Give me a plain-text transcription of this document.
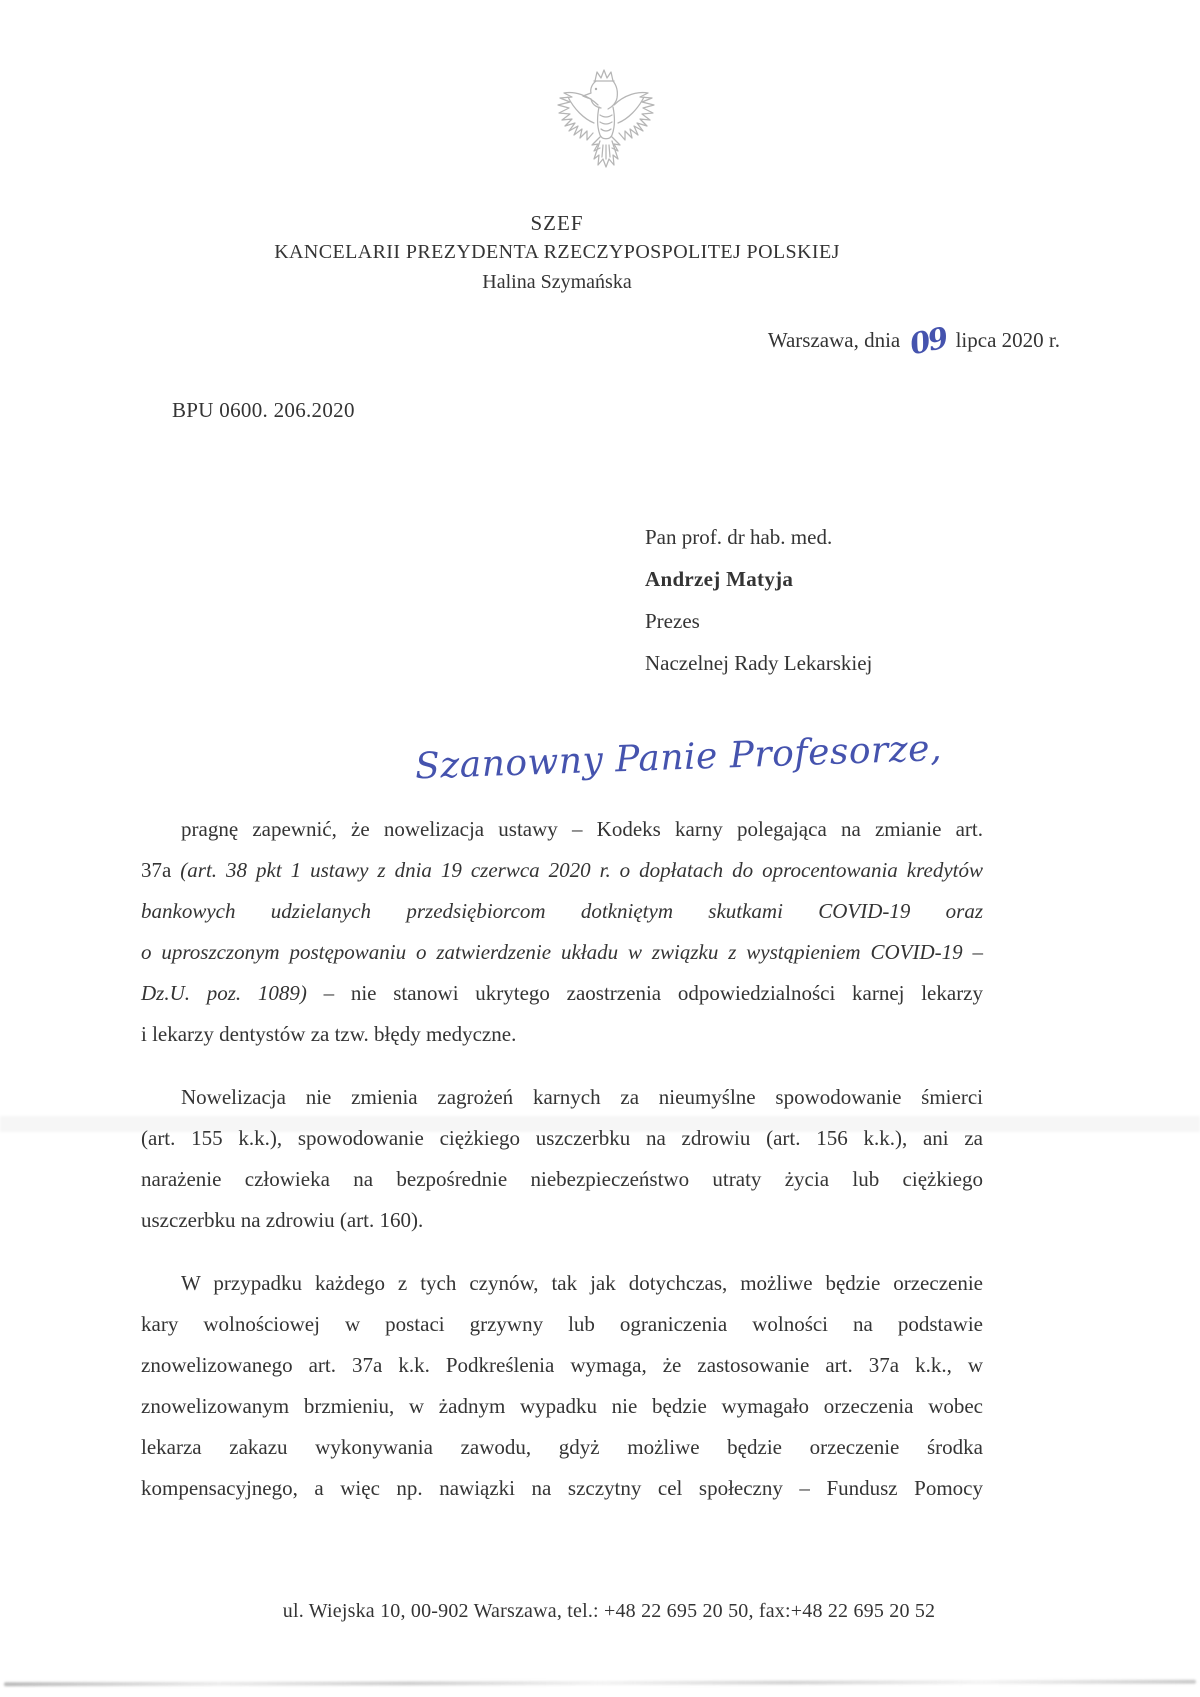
SZEF
KANCELARII PREZYDENTA RZECZYPOSPOLITEJ POLSKIEJ
Halina Szymańska
Warszawa, dnia 09 lipca 2020 r.
BPU 0600. 206.2020
Pan prof. dr hab. med.
Andrzej Matyja
Prezes
Naczelnej Rady Lekarskiej
Szanowny Panie Profesorze,
pragnę zapewnić, że nowelizacja ustawy – Kodeks karny polegająca na zmianie art.
37a (art. 38 pkt 1 ustawy z dnia 19 czerwca 2020 r. o dopłatach do oprocentowania kredytów
bankowych udzielanych przedsiębiorcom dotkniętym skutkami COVID-19 oraz
o uproszczonym postępowaniu o zatwierdzenie układu w związku z wystąpieniem COVID-19 –
Dz.U. poz. 1089) – nie stanowi ukrytego zaostrzenia odpowiedzialności karnej lekarzy
i lekarzy dentystów za tzw. błędy medyczne.
Nowelizacja nie zmienia zagrożeń karnych za nieumyślne spowodowanie śmierci
(art. 155 k.k.), spowodowanie ciężkiego uszczerbku na zdrowiu (art. 156 k.k.), ani za
narażenie człowieka na bezpośrednie niebezpieczeństwo utraty życia lub ciężkiego
uszczerbku na zdrowiu (art. 160).
W przypadku każdego z tych czynów, tak jak dotychczas, możliwe będzie orzeczenie
kary wolnościowej w postaci grzywny lub ograniczenia wolności na podstawie
znowelizowanego art. 37a k.k. Podkreślenia wymaga, że zastosowanie art. 37a k.k., w
znowelizowanym brzmieniu, w żadnym wypadku nie będzie wymagało orzeczenia wobec
lekarza zakazu wykonywania zawodu, gdyż możliwe będzie orzeczenie środka
kompensacyjnego, a więc np. nawiązki na szczytny cel społeczny – Fundusz Pomocy
ul. Wiejska 10, 00-902 Warszawa, tel.: +48 22 695 20 50, fax:+48 22 695 20 52
